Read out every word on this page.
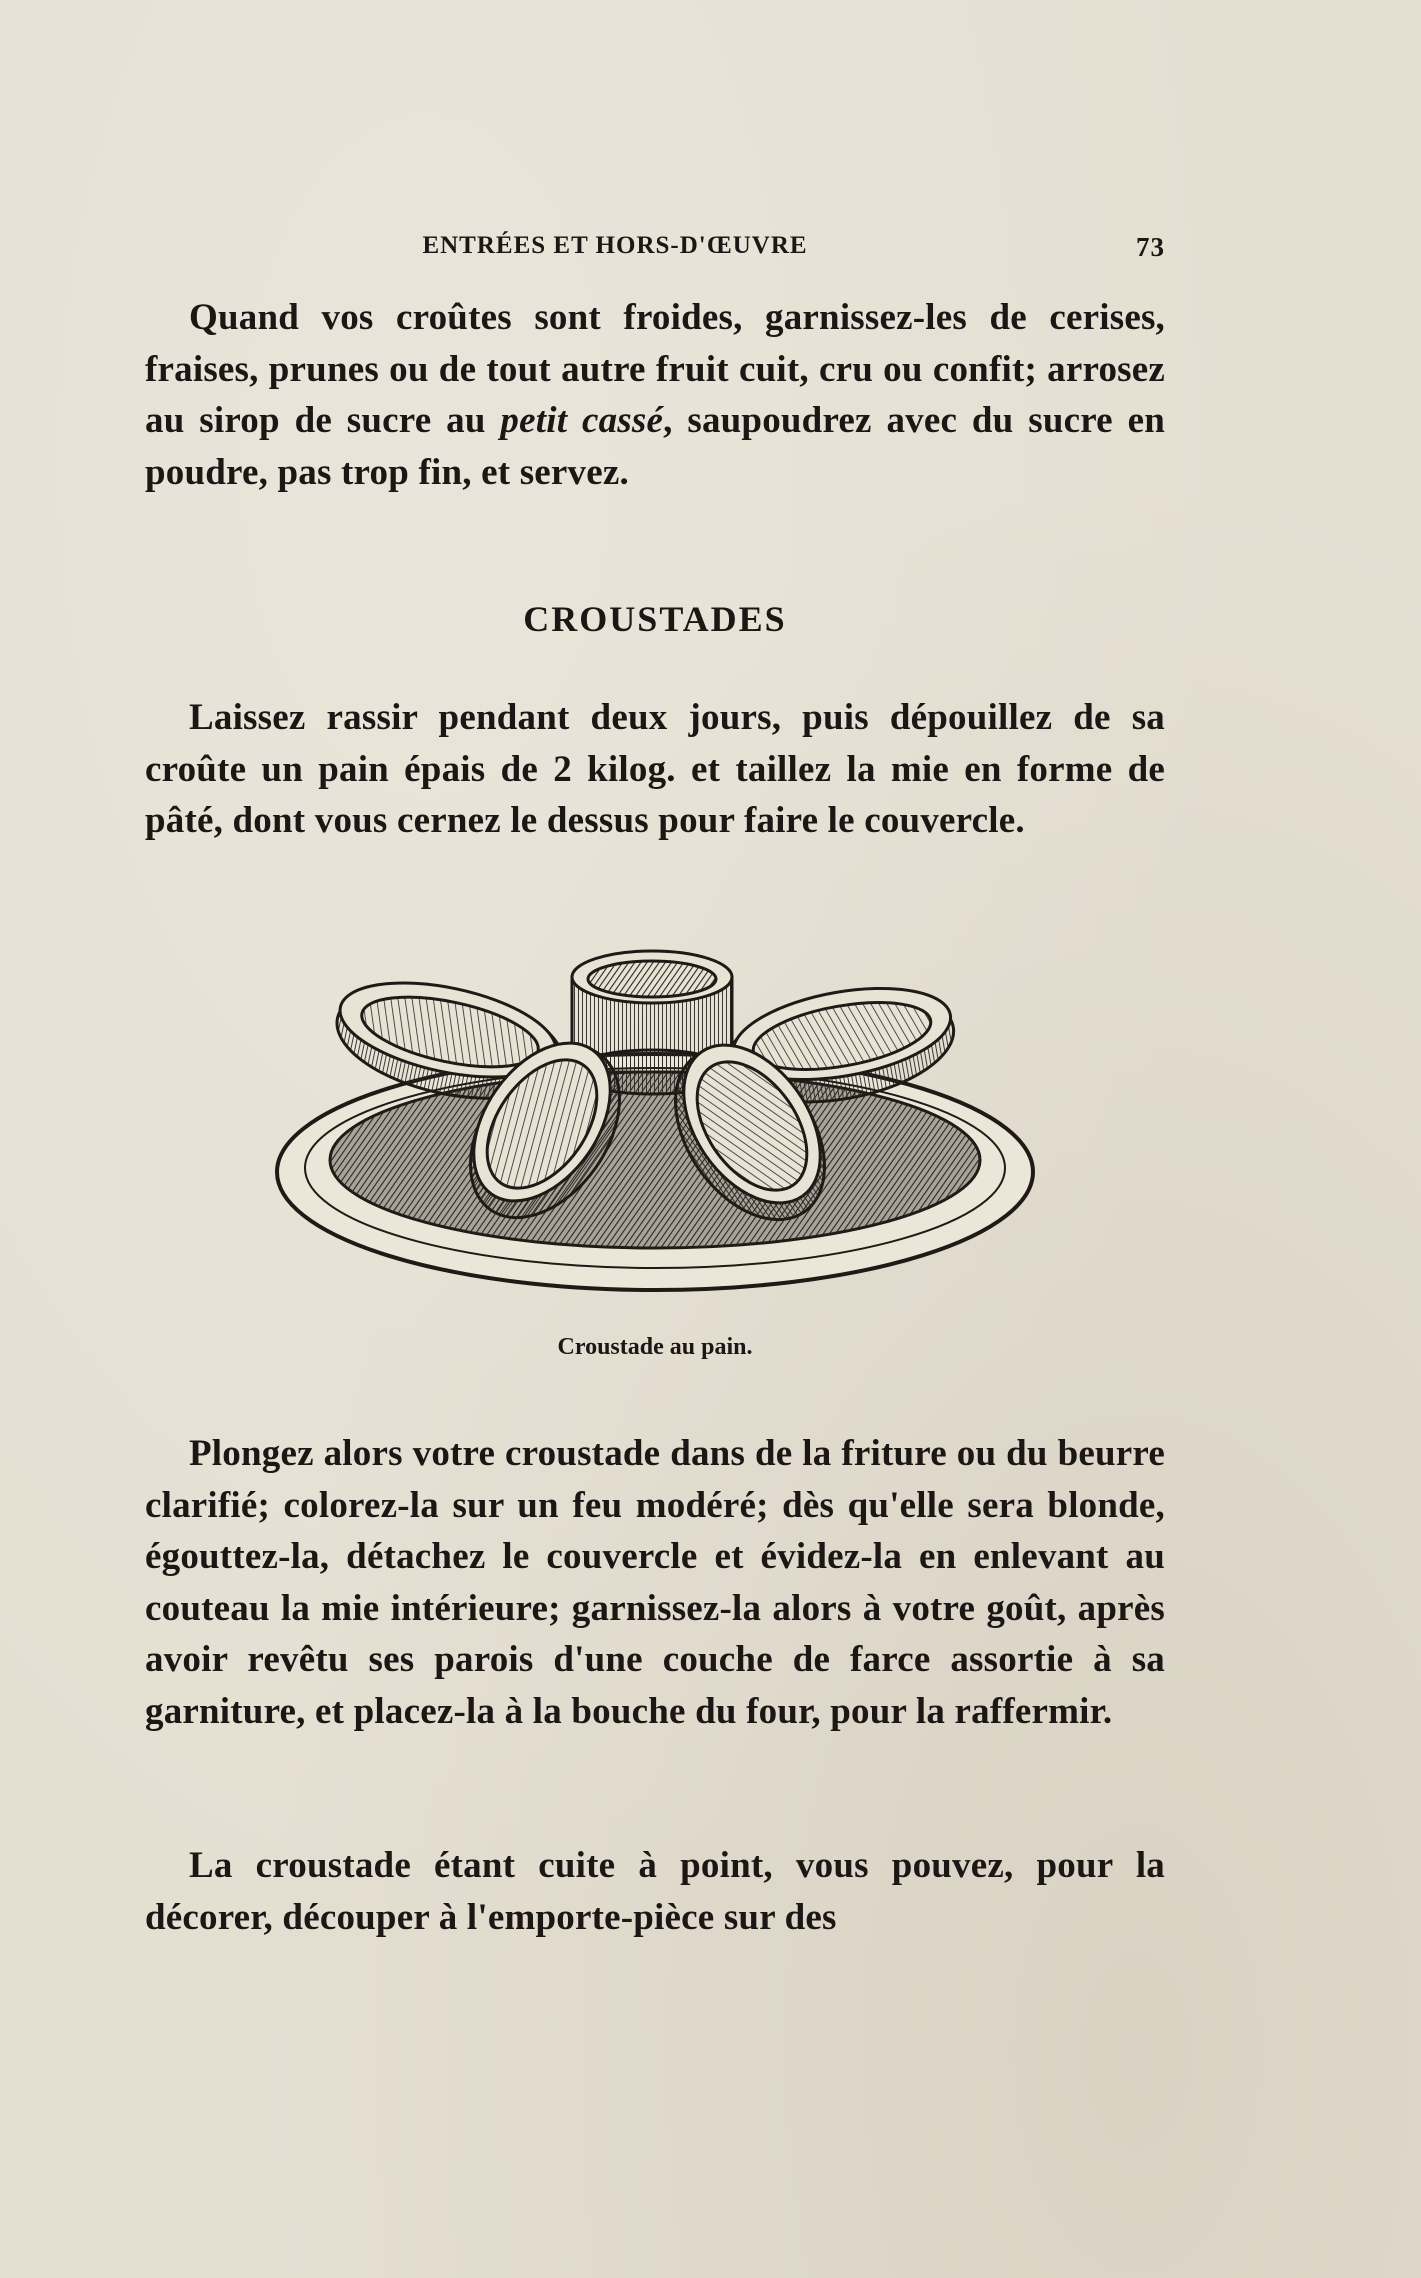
ENTRÉES ET HORS-D'ŒUVRE	73

Quand vos croûtes sont froides, garnissez-les de cerises, fraises, prunes ou de tout autre fruit cuit, cru ou confit; arrosez au sirop de sucre au petit cassé, saupoudrez avec du sucre en poudre, pas trop fin, et servez.

CROUSTADES

Laissez rassir pendant deux jours, puis dépouillez de sa croûte un pain épais de 2 kilog. et taillez la mie en forme de pâté, dont vous cernez le dessus pour faire le couvercle.

Croustade au pain.

Plongez alors votre croustade dans de la friture ou du beurre clarifié; colorez-la sur un feu modéré; dès qu'elle sera blonde, égouttez-la, détachez le couvercle et évidez-la en enlevant au couteau la mie intérieure; garnissez-la alors à votre goût, après avoir revêtu ses parois d'une couche de farce assortie à sa garniture, et placez-la à la bouche du four, pour la raffermir.

La croustade étant cuite à point, vous pouvez, pour la décorer, découper à l'emporte-pièce sur des
